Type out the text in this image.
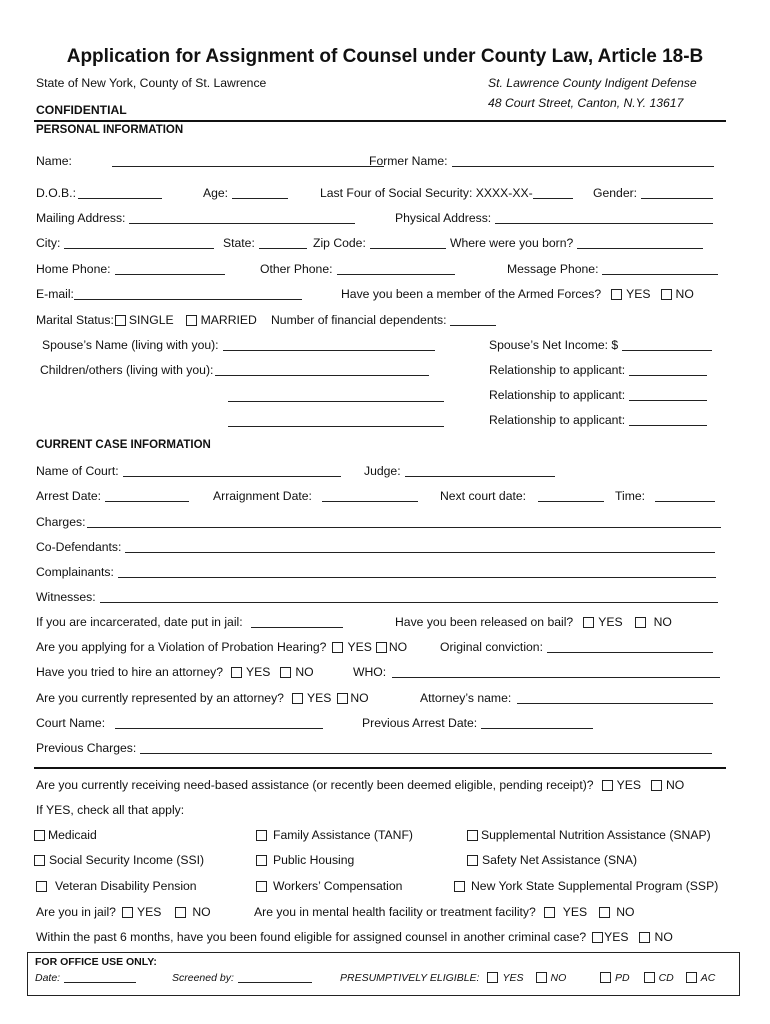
Application for Assignment of Counsel under County Law, Article 18-B
State of New York, County of St. Lawrence
CONFIDENTIAL
St. Lawrence County Indigent Defense
48 Court Street, Canton, N.Y. 13617
PERSONAL INFORMATION
Name:	Former Name:
D.O.B.:	Age:	Last Four of Social Security: XXXX-XX-	Gender:
Mailing Address:	Physical Address:
City:	State:	Zip Code:	Where were you born?
Home Phone:	Other Phone:	Message Phone:
E-mail:	Have you been a member of the Armed Forces? YES NO
Marital Status: SINGLE MARRIED Number of financial dependents:
Spouse’s Name (living with you):	Spouse’s Net Income: $
Children/others (living with you):	Relationship to applicant:
Relationship to applicant:
Relationship to applicant:
CURRENT CASE INFORMATION
Name of Court:	Judge:
Arrest Date:	Arraignment Date:	Next court date:	Time:
Charges:
Co-Defendants:
Complainants:
Witnesses:
If you are incarcerated, date put in jail:	Have you been released on bail? YES	NO
Are you applying for a Violation of Probation Hearing? YES NO	Original conviction:
Have you tried to hire an attorney? YES NO	WHO:
Are you currently represented by an attorney? YES NO	Attorney’s name:
Court Name:	Previous Arrest Date:
Previous Charges:
Are you currently receiving need-based assistance (or recently been deemed eligible, pending receipt)? YES NO
If YES, check all that apply:
Medicaid	Family Assistance (TANF)	Supplemental Nutrition Assistance (SNAP)
Social Security Income (SSI)	Public Housing	Safety Net Assistance (SNA)
Veteran Disability Pension	Workers’ Compensation	New York State Supplemental Program (SSP)
Are you in jail? YES	NO	Are you in mental health facility or treatment facility? YES NO
Within the past 6 months, have you been found eligible for assigned counsel in another criminal case? YES NO
FOR OFFICE USE ONLY:
Date:	Screened by:	PRESUMPTIVELY ELIGIBLE: YES	NO	PD	CD	AC
